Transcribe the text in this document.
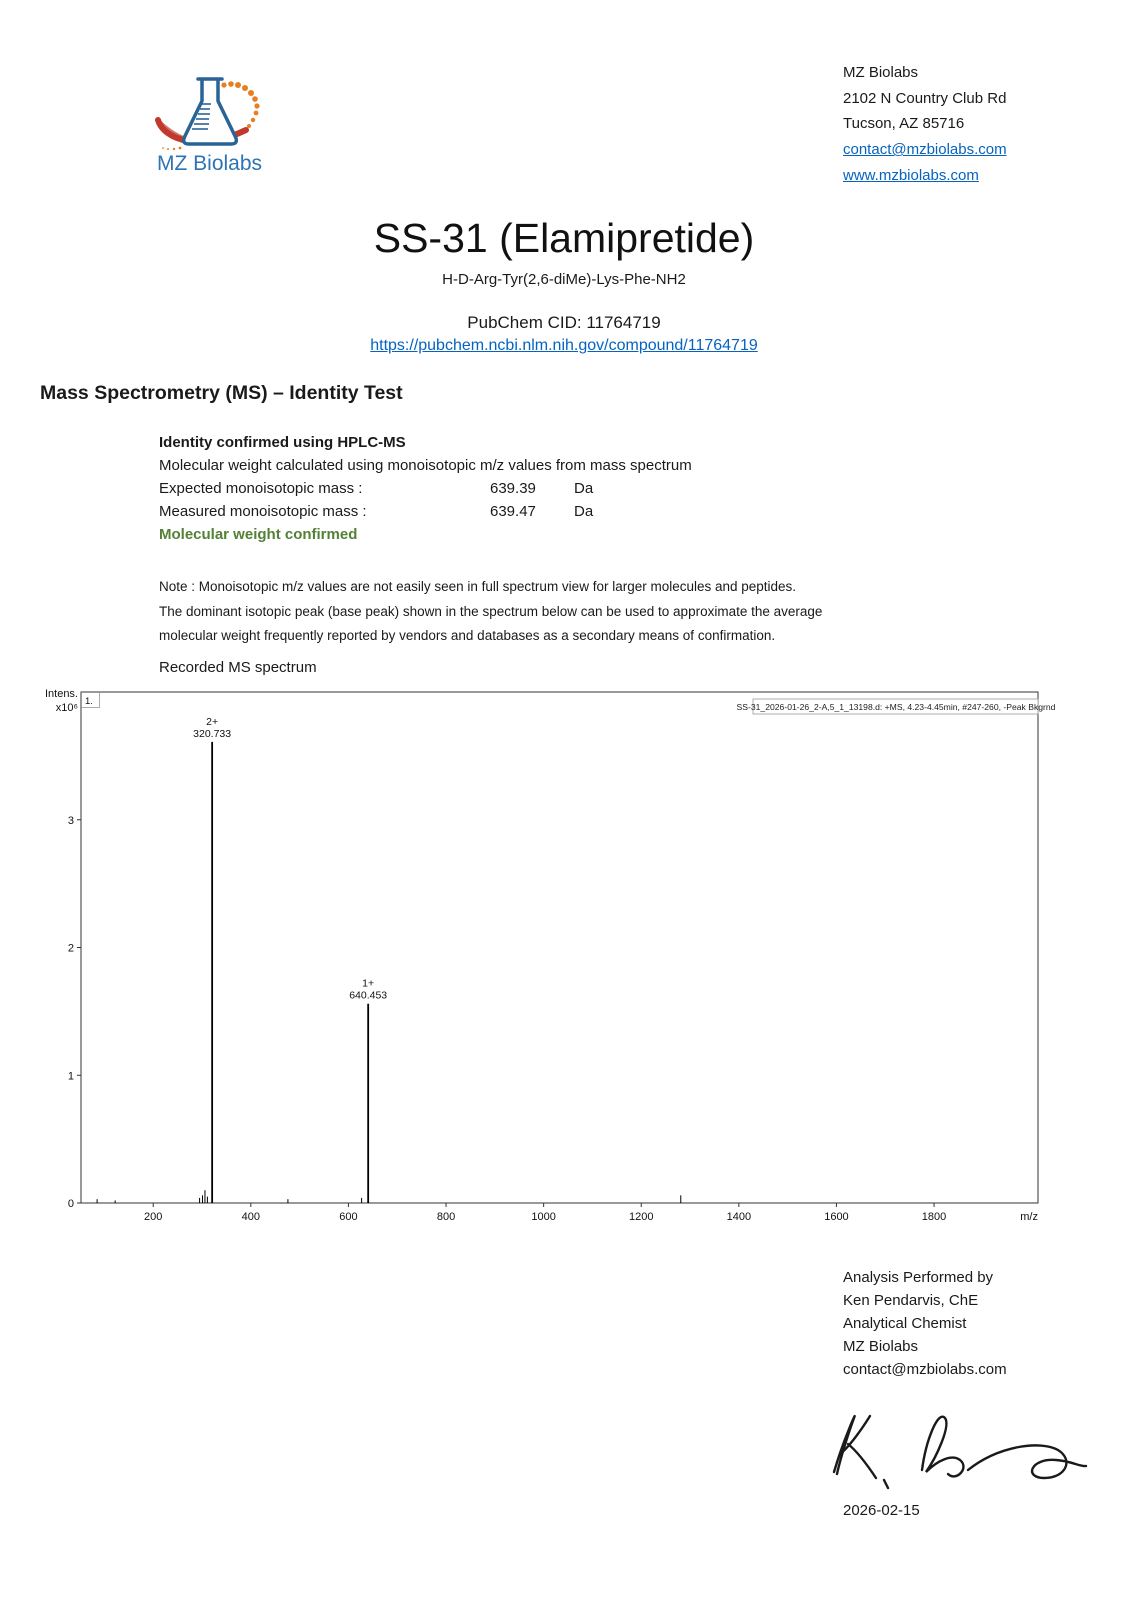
MZ Biolabs
MZ Biolabs
2102 N Country Club Rd
Tucson, AZ 85716
contact@mzbiolabs.com
www.mzbiolabs.com
SS-31 (Elamipretide)
H-D-Arg-Tyr(2,6-diMe)-Lys-Phe-NH2
PubChem CID: 11764719
https://pubchem.ncbi.nlm.nih.gov/compound/11764719
Mass Spectrometry (MS) – Identity Test
Identity confirmed using HPLC-MS
Molecular weight calculated using monoisotopic m/z values from mass spectrum
Expected monoisotopic mass :	639.39	Da
Measured monoisotopic mass :	639.47	Da
Molecular weight confirmed
Note : Monoisotopic m/z values are not easily seen in full spectrum view for larger molecules and peptides.
The dominant isotopic peak (base peak) shown in the spectrum below can be used to approximate the average
molecular weight frequently reported by vendors and databases as a secondary means of confirmation.
Recorded MS spectrum
Intens.
x10⁶
0
1
2
3
200	400	600	800	1000	1200	1400	1600	1800	m/z
1.	SS-31_2026-01-26_2-A,5_1_13198.d: +MS, 4.23-4.45min, #247-260, -Peak Bkgrnd
2+
320.733
1+
640.453
Analysis Performed by
Ken Pendarvis, ChE
Analytical Chemist
MZ Biolabs
contact@mzbiolabs.com
2026-02-15
